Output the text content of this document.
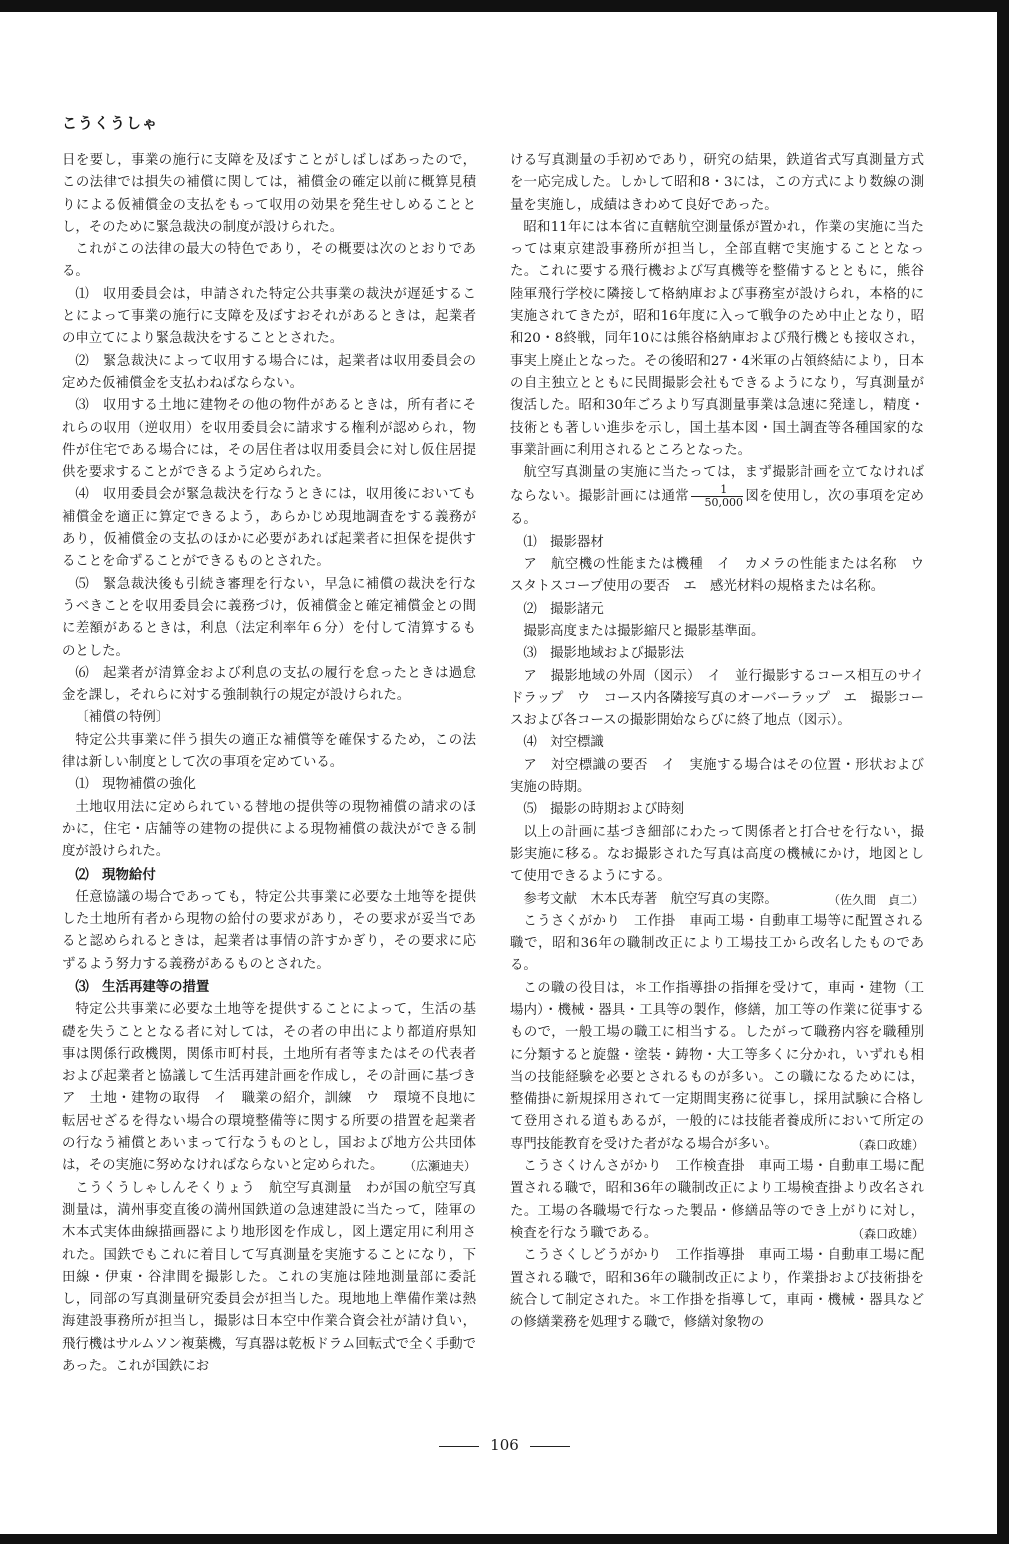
こうくうしゃ

日を要し，事業の施行に支障を及ぼすことがしばしばあったので，この法律では損失の補償に関しては，補償金の確定以前に概算見積りによる仮補償金の支払をもって収用の効果を発生せしめることとし，そのために緊急裁決の制度が設けられた。

これがこの法律の最大の特色であり，その概要は次のとおりである。

⑴　収用委員会は，申請された特定公共事業の裁決が遅延することによって事業の施行に支障を及ぼすおそれがあるときは，起業者の申立てにより緊急裁決をすることとされた。

⑵　緊急裁決によって収用する場合には，起業者は収用委員会の定めた仮補償金を支払わねばならない。

⑶　収用する土地に建物その他の物件があるときは，所有者にそれらの収用（逆収用）を収用委員会に請求する権利が認められ，物件が住宅である場合には，その居住者は収用委員会に対し仮住居提供を要求することができるよう定められた。

⑷　収用委員会が緊急裁決を行なうときには，収用後においても補償金を適正に算定できるよう，あらかじめ現地調査をする義務があり，仮補償金の支払のほかに必要があれば起業者に担保を提供することを命ずることができるものとされた。

⑸　緊急裁決後も引続き審理を行ない，早急に補償の裁決を行なうべきことを収用委員会に義務づけ，仮補償金と確定補償金との間に差額があるときは，利息（法定利率年６分）を付して清算するものとした。

⑹　起業者が清算金および利息の支払の履行を怠ったときは過怠金を課し，それらに対する強制執行の規定が設けられた。

〔補償の特例〕

特定公共事業に伴う損失の適正な補償等を確保するため，この法律は新しい制度として次の事項を定めている。

⑴　現物補償の強化

土地収用法に定められている替地の提供等の現物補償の請求のほかに，住宅・店舗等の建物の提供による現物補償の裁決ができる制度が設けられた。

⑵　現物給付

任意協議の場合であっても，特定公共事業に必要な土地等を提供した土地所有者から現物の給付の要求があり，その要求が妥当であると認められるときは，起業者は事情の許すかぎり，その要求に応ずるよう努力する義務があるものとされた。

⑶　生活再建等の措置

特定公共事業に必要な土地等を提供することによって，生活の基礎を失うこととなる者に対しては，その者の申出により都道府県知事は関係行政機関，関係市町村長，土地所有者等またはその代表者および起業者と協議して生活再建計画を作成し，その計画に基づき　ア　土地・建物の取得　イ　職業の紹介，訓練　ウ　環境不良地に転居せざるを得ない場合の環境整備等に関する所要の措置を起業者の行なう補償とあいまって行なうものとし，国および地方公共団体は，その実施に努めなければならないと定められた。	（広瀬迪夫）

こうくうしゃしんそくりょう　航空写真測量　わが国の航空写真測量は，満州事変直後の満州国鉄道の急速建設に当たって，陸軍の木本式実体曲線描画器により地形図を作成し，図上選定用に利用された。国鉄でもこれに着目して写真測量を実施することになり，下田線・伊東・谷津間を撮影した。これの実施は陸地測量部に委託し，同部の写真測量研究委員会が担当した。現地地上準備作業は熱海建設事務所が担当し，撮影は日本空中作業合資会社が請け負い，飛行機はサルムソン複葉機，写真器は乾板ドラム回転式で全く手動であった。これが国鉄にお

ける写真測量の手初めであり，研究の結果，鉄道省式写真測量方式を一応完成した。しかして昭和8・3には，この方式により数線の測量を実施し，成績はきわめて良好であった。

昭和11年には本省に直轄航空測量係が置かれ，作業の実施に当たっては東京建設事務所が担当し，全部直轄で実施することとなった。これに要する飛行機および写真機等を整備するとともに，熊谷陸軍飛行学校に隣接して格納庫および事務室が設けられ，本格的に実施されてきたが，昭和16年度に入って戦争のため中止となり，昭和20・8終戦，同年10には熊谷格納庫および飛行機とも接収され，事実上廃止となった。その後昭和27・4米軍の占領終結により，日本の自主独立とともに民間撮影会社もできるようになり，写真測量が復活した。昭和30年ごろより写真測量事業は急速に発達し，精度・技術とも著しい進歩を示し，国土基本図・国土調査等各種国家的な事業計画に利用されるところとなった。

航空写真測量の実施に当たっては，まず撮影計画を立てなければならない。撮影計画には通常 $\frac{1}{50,000}$ 図を使用し，次の事項を定める。

⑴　撮影器材

ア　航空機の性能または機種　イ　カメラの性能または名称　ウ　スタトスコープ使用の要否　エ　感光材料の規格または名称。

⑵　撮影諸元

撮影高度または撮影縮尺と撮影基準面。

⑶　撮影地域および撮影法

ア　撮影地域の外周（図示）　イ　並行撮影するコース相互のサイドラップ　ウ　コース内各隣接写真のオーバーラップ　エ　撮影コースおよび各コースの撮影開始ならびに終了地点（図示）。

⑷　対空標識

ア　対空標識の要否　イ　実施する場合はその位置・形状および実施の時期。

⑸　撮影の時期および時刻

以上の計画に基づき細部にわたって関係者と打合せを行ない，撮影実施に移る。なお撮影された写真は高度の機械にかけ，地図として使用できるようにする。

参考文献　木本氏寿著　航空写真の実際。	（佐久間　貞二）

こうさくがかり　工作掛　車両工場・自動車工場等に配置される職で，昭和36年の職制改正により工場技工から改名したものである。

この職の役目は，＊工作指導掛の指揮を受けて，車両・建物（工場内）・機械・器具・工具等の製作，修繕，加工等の作業に従事するもので，一般工場の職工に相当する。したがって職務内容を職種別に分類すると旋盤・塗装・鋳物・大工等多くに分かれ，いずれも相当の技能経験を必要とされるものが多い。この職になるためには，整備掛に新規採用されて一定期間実務に従事し，採用試験に合格して登用される道もあるが，一般的には技能者養成所において所定の専門技能教育を受けた者がなる場合が多い。	（森口政雄）

こうさくけんさがかり　工作検査掛　車両工場・自動車工場に配置される職で，昭和36年の職制改正により工場検査掛より改名された。工場の各職場で行なった製品・修繕品等のでき上がりに対し，検査を行なう職である。	（森口政雄）

こうさくしどうがかり　工作指導掛　車両工場・自動車工場に配置される職で，昭和36年の職制改正により，作業掛および技術掛を統合して制定された。＊工作掛を指導して，車両・機械・器具などの修繕業務を処理する職で，修繕対象物の

106
